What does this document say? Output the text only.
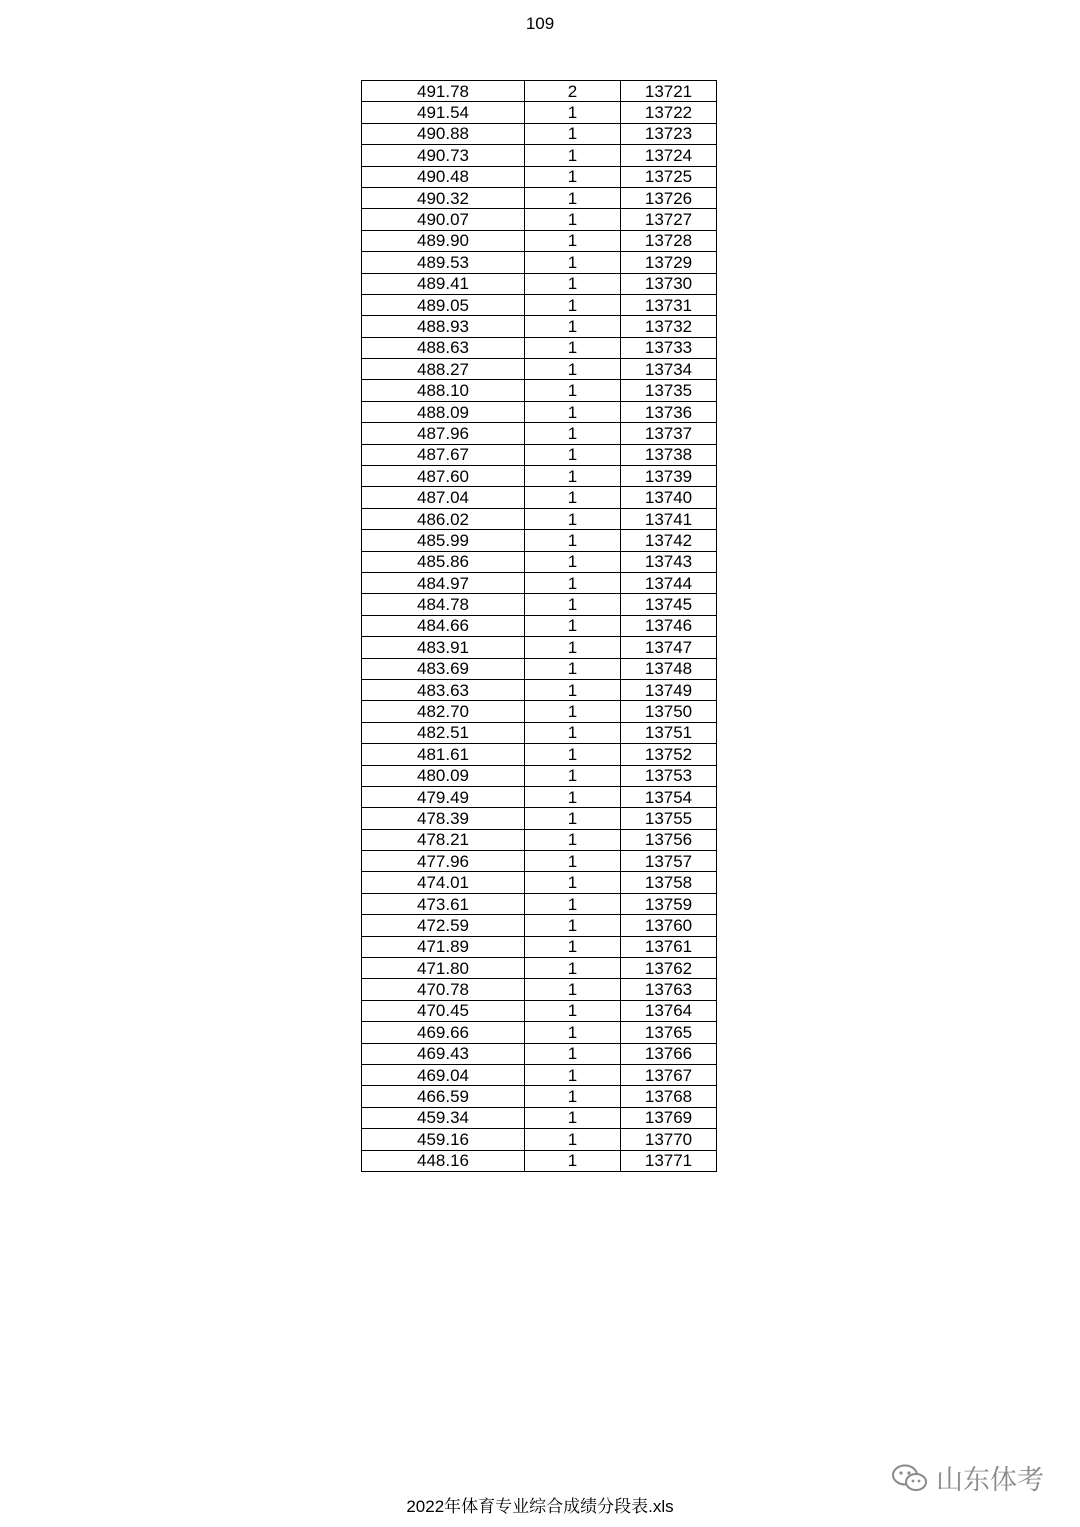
109
491.78	2	13721
491.54	1	13722
490.88	1	13723
490.73	1	13724
490.48	1	13725
490.32	1	13726
490.07	1	13727
489.90	1	13728
489.53	1	13729
489.41	1	13730
489.05	1	13731
488.93	1	13732
488.63	1	13733
488.27	1	13734
488.10	1	13735
488.09	1	13736
487.96	1	13737
487.67	1	13738
487.60	1	13739
487.04	1	13740
486.02	1	13741
485.99	1	13742
485.86	1	13743
484.97	1	13744
484.78	1	13745
484.66	1	13746
483.91	1	13747
483.69	1	13748
483.63	1	13749
482.70	1	13750
482.51	1	13751
481.61	1	13752
480.09	1	13753
479.49	1	13754
478.39	1	13755
478.21	1	13756
477.96	1	13757
474.01	1	13758
473.61	1	13759
472.59	1	13760
471.89	1	13761
471.80	1	13762
470.78	1	13763
470.45	1	13764
469.66	1	13765
469.43	1	13766
469.04	1	13767
466.59	1	13768
459.34	1	13769
459.16	1	13770
448.16	1	13771
山东体考
2022年体育专业综合成绩分段表.xls
